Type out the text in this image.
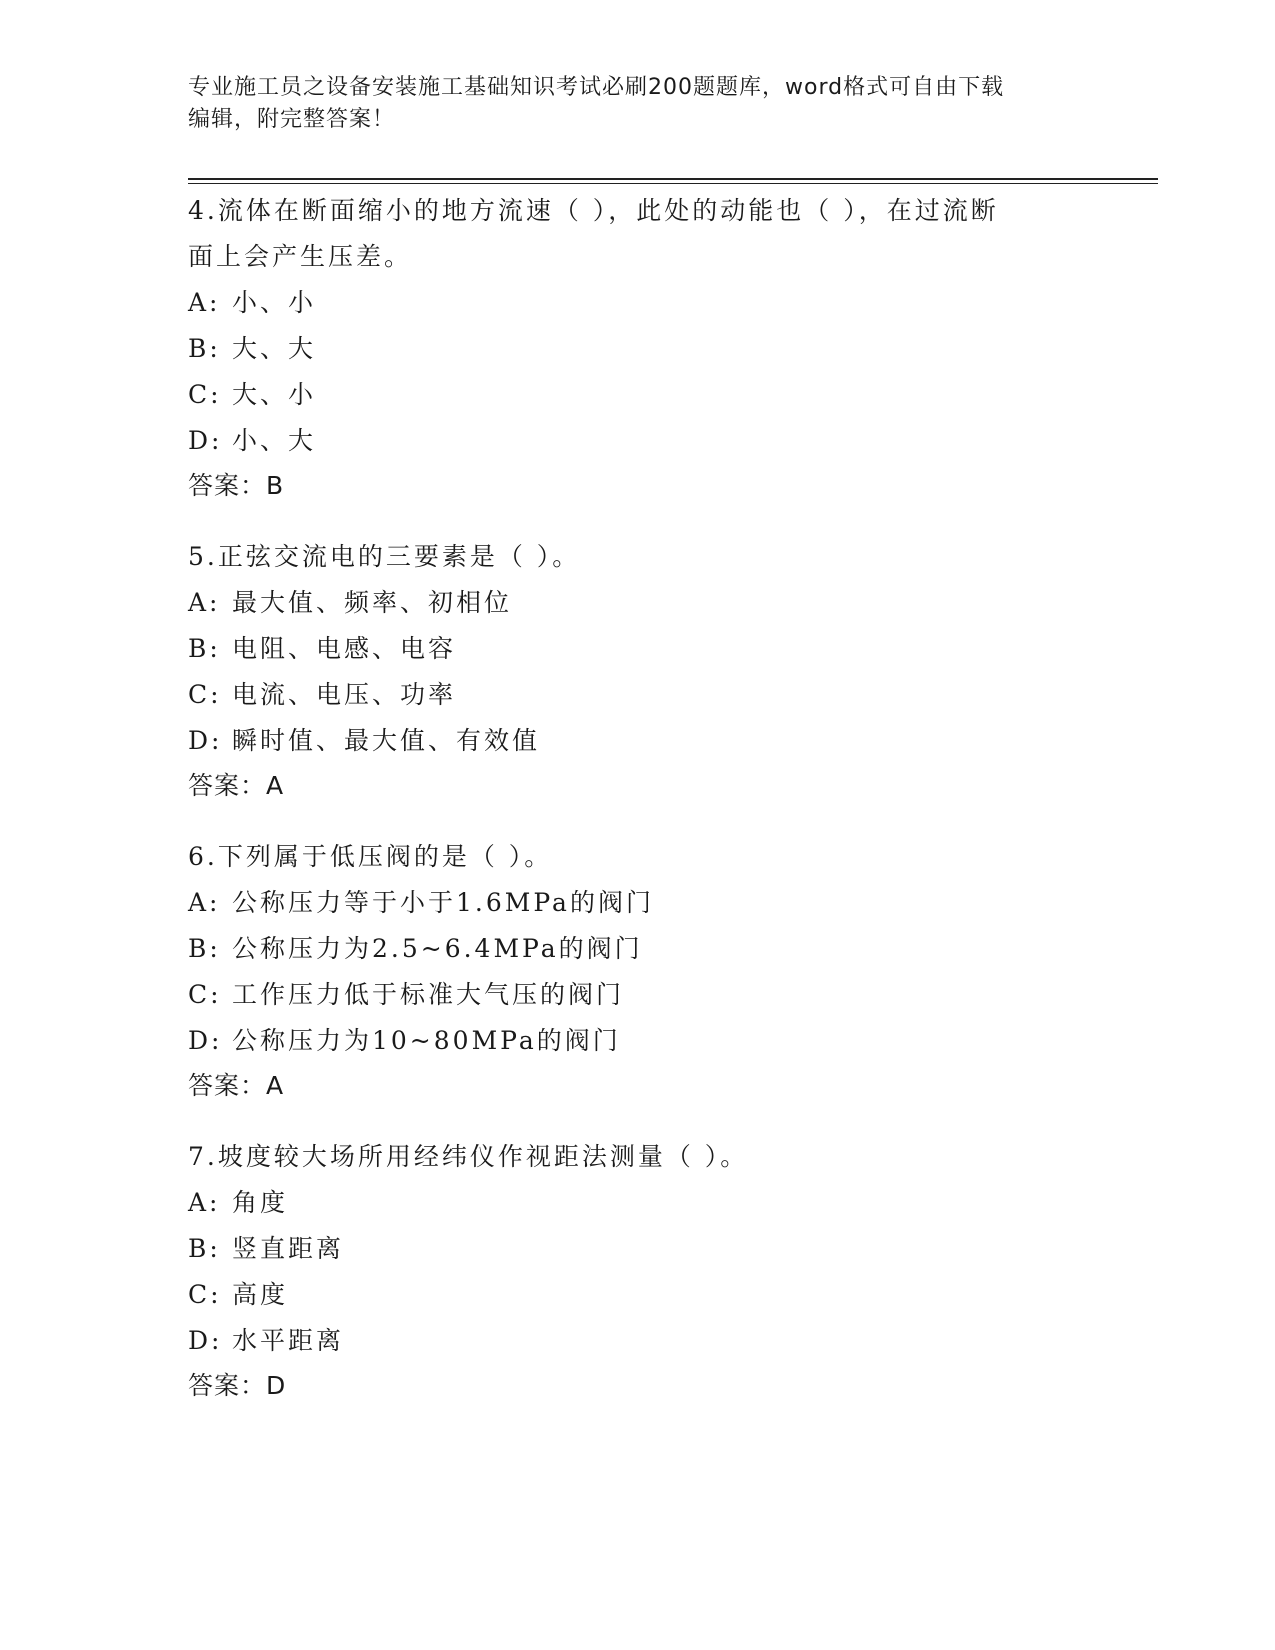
专业施工员之设备安装施工基础知识考试必刷200题题库，word格式可自由下载
编辑，附完整答案！
4.流体在断面缩小的地方流速（ ），此处的动能也（ ），在过流断
面上会产生压差。
A: 小、小
B: 大、大
C: 大、小
D: 小、大
答案：B
5.正弦交流电的三要素是（ ）。
A: 最大值、频率、初相位
B: 电阻、电感、电容
C: 电流、电压、功率
D: 瞬时值、最大值、有效值
答案：A
6.下列属于低压阀的是（ ）。
A: 公称压力等于小于1.6MPa的阀门
B: 公称压力为2.5~6.4MPa的阀门
C: 工作压力低于标准大气压的阀门
D: 公称压力为10~80MPa的阀门
答案：A
7.坡度较大场所用经纬仪作视距法测量（ ）。
A: 角度
B: 竖直距离
C: 高度
D: 水平距离
答案：D
